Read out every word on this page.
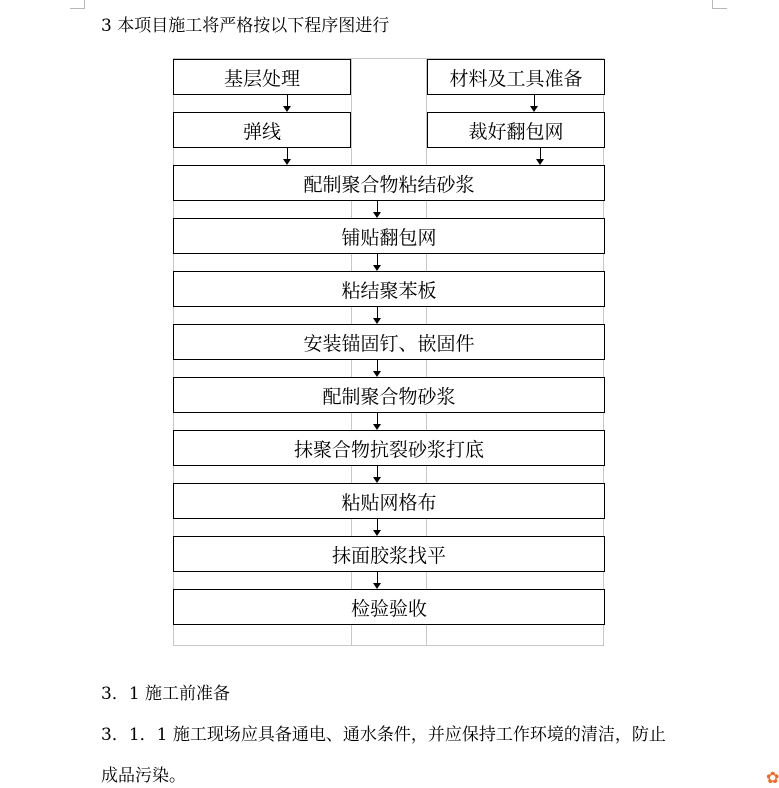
3 本项目施工将严格按以下程序图进行
基层处理	材料及工具准备
弹线	裁好翻包网
配制聚合物粘结砂浆
铺贴翻包网
粘结聚苯板
安装锚固钉、嵌固件
配制聚合物砂浆
抹聚合物抗裂砂浆打底
粘贴网格布
抹面胶浆找平
检验验收
3．1 施工前准备
3．1．1 施工现场应具备通电、通水条件，并应保持工作环境的清洁，防止
成品污染。	✿
